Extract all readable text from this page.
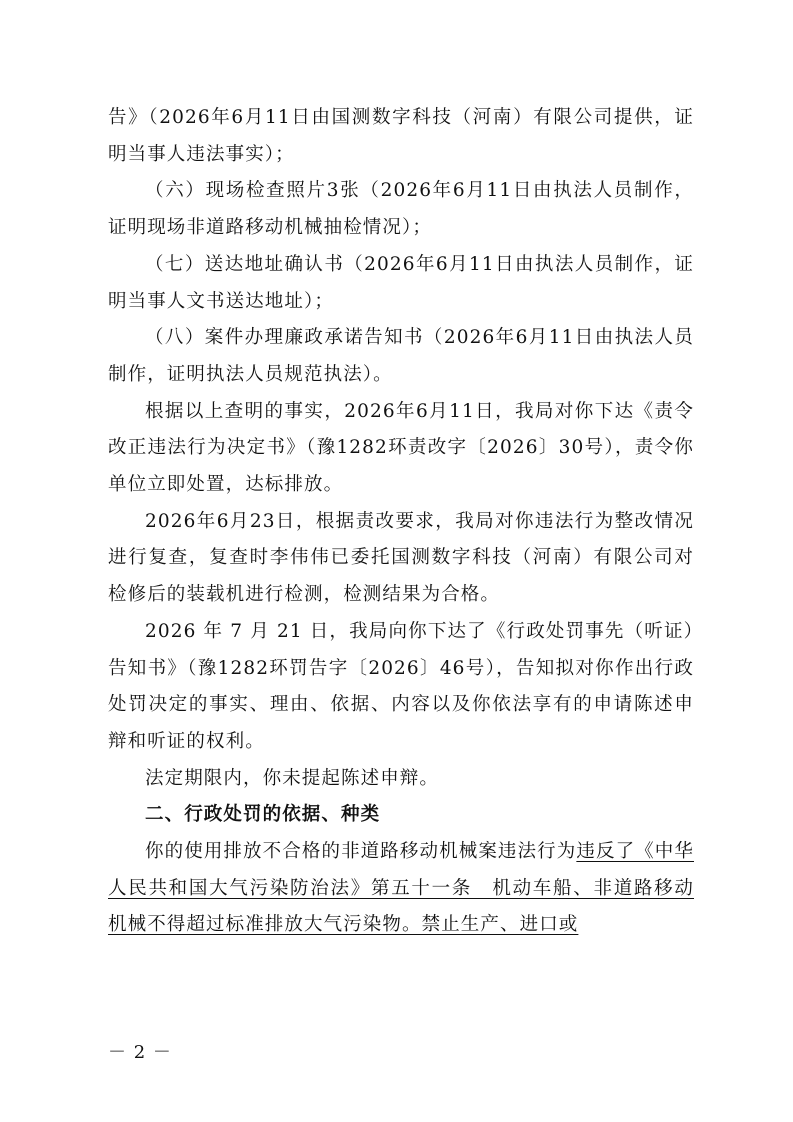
告》（2026年6月11日由国测数字科技（河南）有限公司提供，证明当事人违法事实）；

（六）现场检查照片3张（2026年6月11日由执法人员制作，证明现场非道路移动机械抽检情况）；

（七）送达地址确认书（2026年6月11日由执法人员制作，证明当事人文书送达地址）；

（八）案件办理廉政承诺告知书（2026年6月11日由执法人员制作，证明执法人员规范执法）。

根据以上查明的事实，2026年6月11日，我局对你下达《责令改正违法行为决定书》（豫1282环责改字〔2026〕30号），责令你单位立即处置，达标排放。

2026年6月23日，根据责改要求，我局对你违法行为整改情况进行复查，复查时李伟伟已委托国测数字科技（河南）有限公司对检修后的装载机进行检测，检测结果为合格。

2026 年 7 月 21 日，我局向你下达了《行政处罚事先（听证）告知书》（豫1282环罚告字〔2026〕46号），告知拟对你作出行政处罚决定的事实、理由、依据、内容以及你依法享有的申请陈述申辩和听证的权利。

法定期限内，你未提起陈述申辩。

二、行政处罚的依据、种类

你的使用排放不合格的非道路移动机械案违法行为违反了《中华人民共和国大气污染防治法》第五十一条　机动车船、非道路移动机械不得超过标准排放大气污染物。禁止生产、进口或

－ 2 －
